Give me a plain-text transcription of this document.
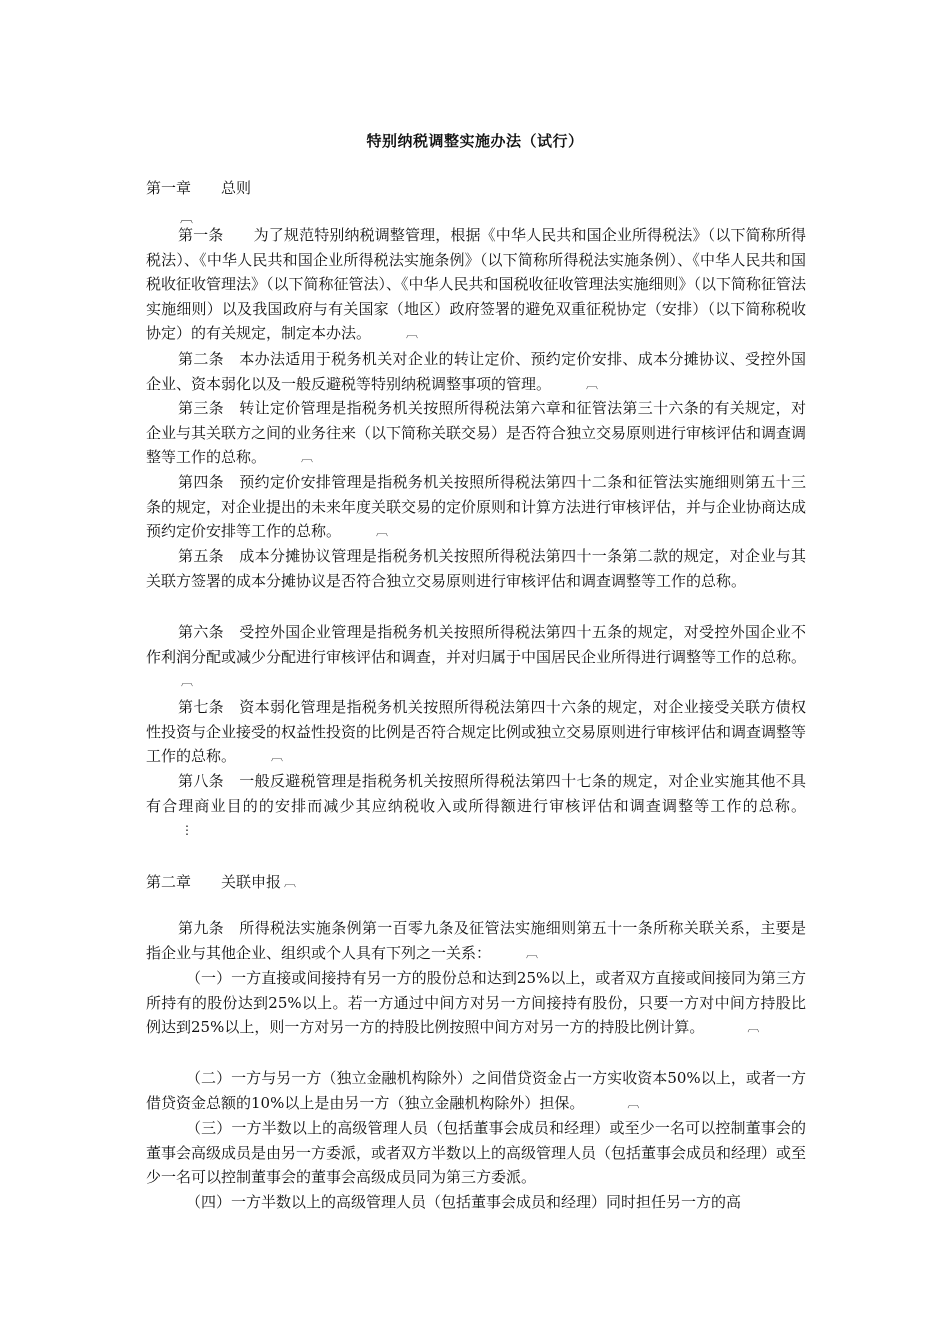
特别纳税调整实施办法（试行）
第一章　　总则
︹

第一条　　为了规范特别纳税调整管理，根据《中华人民共和国企业所得税法》（以下简称所得税法）、《中华人民共和国企业所得税法实施条例》（以下简称所得税法实施条例）、《中华人民共和国税收征收管理法》（以下简称征管法）、《中华人民共和国税收征收管理法实施细则》（以下简称征管法实施细则）以及我国政府与有关国家（地区）政府签署的避免双重征税协定（安排）（以下简称税收协定）的有关规定，制定本办法。	︹

第二条　本办法适用于税务机关对企业的转让定价、预约定价安排、成本分摊协议、受控外国企业、资本弱化以及一般反避税等特别纳税调整事项的管理。	︹

第三条　转让定价管理是指税务机关按照所得税法第六章和征管法第三十六条的有关规定，对企业与其关联方之间的业务往来（以下简称关联交易）是否符合独立交易原则进行审核评估和调查调整等工作的总称。	︹

第四条　预约定价安排管理是指税务机关按照所得税法第四十二条和征管法实施细则第五十三条的规定，对企业提出的未来年度关联交易的定价原则和计算方法进行审核评估，并与企业协商达成预约定价安排等工作的总称。	︹

第五条　成本分摊协议管理是指税务机关按照所得税法第四十一条第二款的规定，对企业与其关联方签署的成本分摊协议是否符合独立交易原则进行审核评估和调查调整等工作的总称。

第六条　受控外国企业管理是指税务机关按照所得税法第四十五条的规定，对受控外国企业不作利润分配或减少分配进行审核评估和调查，并对归属于中国居民企业所得进行调整等工作的总称。︹

第七条　资本弱化管理是指税务机关按照所得税法第四十六条的规定，对企业接受关联方债权性投资与企业接受的权益性投资的比例是否符合规定比例或独立交易原则进行审核评估和调查调整等工作的总称。	︹

第八条　一般反避税管理是指税务机关按照所得税法第四十七条的规定，对企业实施其他不具有合理商业目的的安排而减少其应纳税收入或所得额进行审核评估和调查调整等工作的总称。⋮

第二章　　关联申报 ︹

第九条　所得税法实施条例第一百零九条及征管法实施细则第五十一条所称关联关系，主要是指企业与其他企业、组织或个人具有下列之一关系：	︹

（一）一方直接或间接持有另一方的股份总和达到25%以上，或者双方直接或间接同为第三方所持有的股份达到25%以上。若一方通过中间方对另一方间接持有股份，只要一方对中间方持股比例达到25%以上，则一方对另一方的持股比例按照中间方对另一方的持股比例计算。	︹

（二）一方与另一方（独立金融机构除外）之间借贷资金占一方实收资本50%以上，或者一方借贷资金总额的10%以上是由另一方（独立金融机构除外）担保。	︹

（三）一方半数以上的高级管理人员（包括董事会成员和经理）或至少一名可以控制董事会的董事会高级成员是由另一方委派，或者双方半数以上的高级管理人员（包括董事会成员和经理）或至少一名可以控制董事会的董事会高级成员同为第三方委派。

（四）一方半数以上的高级管理人员（包括董事会成员和经理）同时担任另一方的高
